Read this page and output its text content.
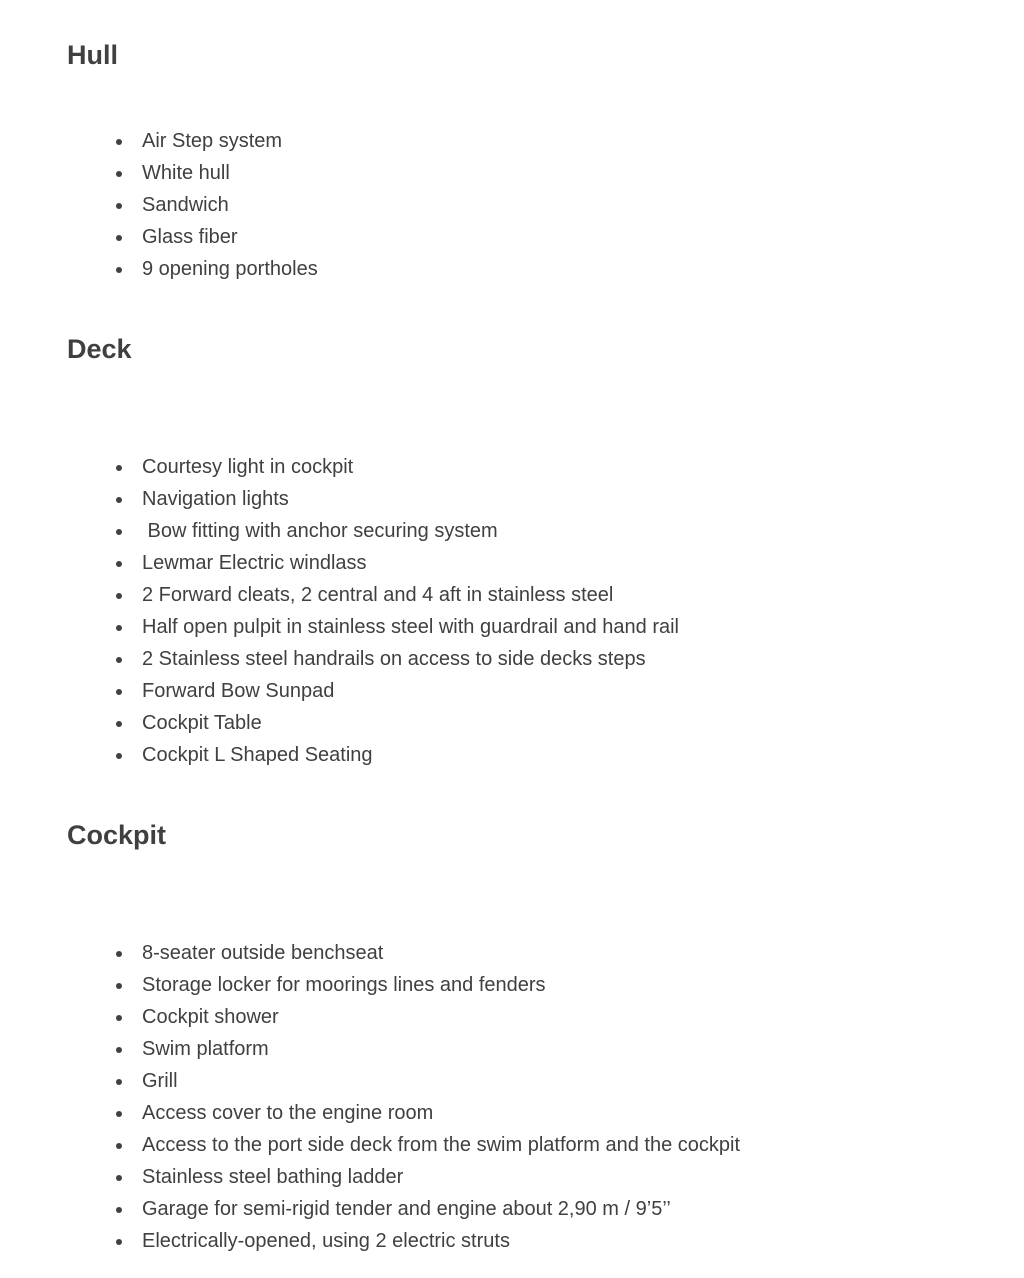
Hull
Air Step system
White hull
Sandwich
Glass fiber
9 opening portholes
Deck
Courtesy light in cockpit
Navigation lights
Bow fitting with anchor securing system
Lewmar Electric windlass
2 Forward cleats, 2 central and 4 aft in stainless steel
Half open pulpit in stainless steel with guardrail and hand rail
2 Stainless steel handrails on access to side decks steps
Forward Bow Sunpad
Cockpit Table
Cockpit L Shaped Seating
Cockpit
8-seater outside benchseat
Storage locker for moorings lines and fenders
Cockpit shower
Swim platform
Grill
Access cover to the engine room
Access to the port side deck from the swim platform and the cockpit
Stainless steel bathing ladder
Garage for semi-rigid tender and engine about 2,90 m / 9’5’’
Electrically-opened, using 2 electric struts
